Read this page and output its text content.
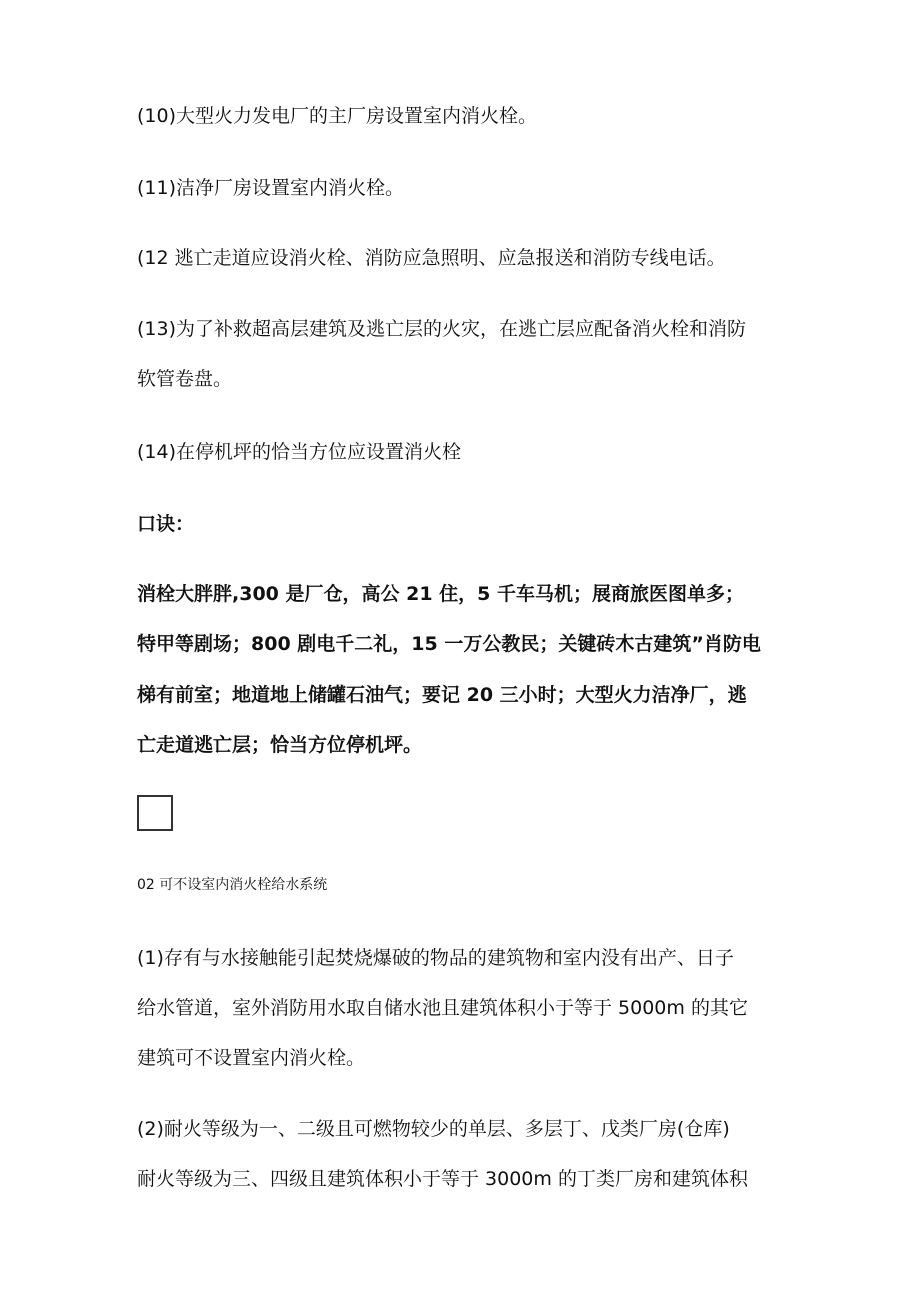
(10)大型火力发电厂的主厂房设置室内消火栓。
(11)洁净厂房设置室内消火栓。
(12 逃亡走道应设消火栓、消防应急照明、应急报送和消防专线电话。
(13)为了补救超高层建筑及逃亡层的火灾，在逃亡层应配备消火栓和消防
软管卷盘。
(14)在停机坪的恰当方位应设置消火栓
口诀：
消栓大胖胖,300 是厂仓，高公 21 住，5 千车马机；展商旅医图单多；
特甲等剧场；800 剧电千二礼，15 一万公教民；关键砖木古建筑”肖防电
梯有前室；地道地上储罐石油气；要记 20 三小时；大型火力洁净厂，逃
亡走道逃亡层；恰当方位停机坪。
02 可不设室内消火栓给水系统
(1)存有与水接触能引起焚烧爆破的物品的建筑物和室内没有出产、日子
给水管道，室外消防用水取自储水池且建筑体积小于等于 5000m 的其它
建筑可不设置室内消火栓。
(2)耐火等级为一、二级且可燃物较少的单层、多层丁、戊类厂房(仓库)
耐火等级为三、四级且建筑体积小于等于 3000m 的丁类厂房和建筑体积
